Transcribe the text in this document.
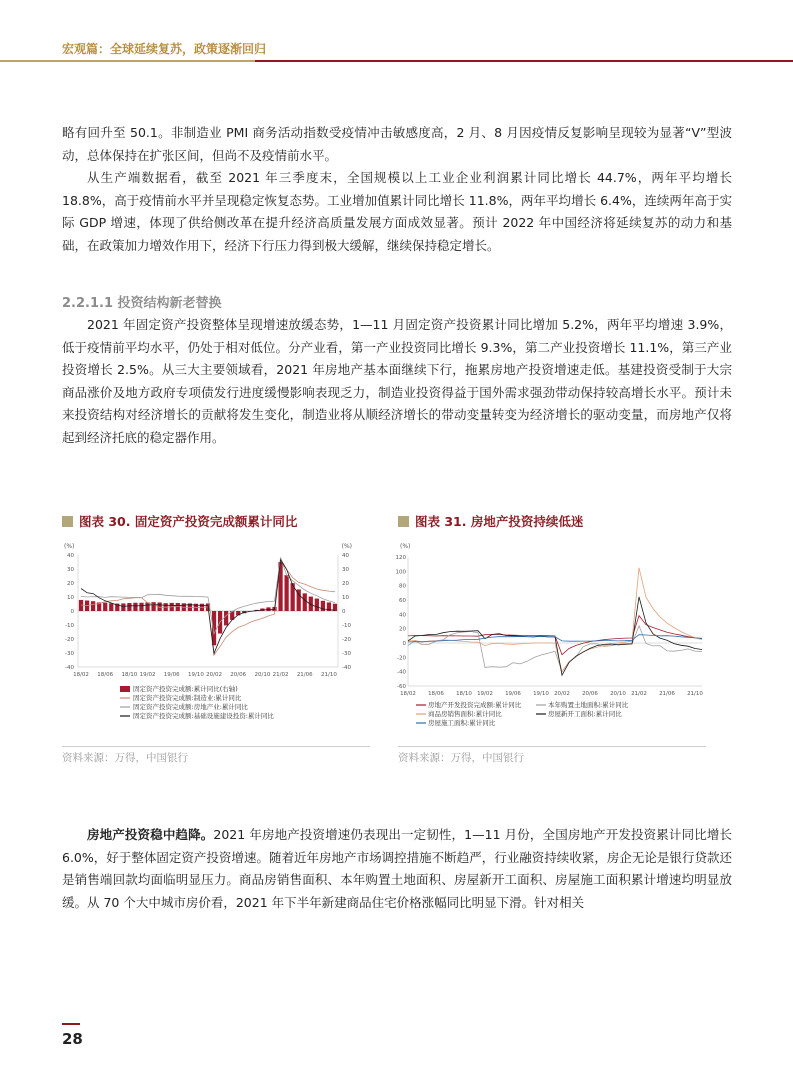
宏观篇：全球延续复苏，政策逐渐回归

略有回升至 50.1。非制造业 PMI 商务活动指数受疫情冲击敏感度高，2 月、8 月因疫情反复影响呈现较为显著“V”型波动，总体保持在扩张区间，但尚不及疫情前水平。

从生产端数据看，截至 2021 年三季度末，全国规模以上工业企业利润累计同比增长 44.7%，两年平均增长 18.8%，高于疫情前水平并呈现稳定恢复态势。工业增加值累计同比增长 11.8%，两年平均增长 6.4%，连续两年高于实际 GDP 增速，体现了供给侧改革在提升经济高质量发展方面成效显著。预计 2022 年中国经济将延续复苏的动力和基础，在政策加力增效作用下，经济下行压力得到极大缓解，继续保持稳定增长。

2.2.1.1 投资结构新老替换

2021 年固定资产投资整体呈现增速放缓态势，1—11 月固定资产投资累计同比增加 5.2%，两年平均增速 3.9%，低于疫情前平均水平，仍处于相对低位。分产业看，第一产业投资同比增长 9.3%，第二产业投资增长 11.1%，第三产业投资增长 2.5%。从三大主要领域看，2021 年房地产基本面继续下行，拖累房地产投资增速走低。基建投资受制于大宗商品涨价及地方政府专项债发行进度缓慢影响表现乏力，制造业投资得益于国外需求强劲带动保持较高增长水平。预计未来投资结构对经济增长的贡献将发生变化，制造业将从顺经济增长的带动变量转变为经济增长的驱动变量，而房地产仅将起到经济托底的稳定器作用。

图表 30. 固定资产投资完成额累计同比
(%)	(%)
40	40
30	30
20	20
10	10
0	0
-10	-10
-20	-20
-30	-30
-40	-40
18/02 18/06 18/10 19/02 19/06 19/10 20/02 20/06 20/10 21/02 21/06 21/10
固定资产投资完成额:累计同比(右轴)
固定资产投资完成额:制造业:累计同比
固定资产投资完成额:房地产业:累计同比
固定资产投资完成额:基础设施建设投资:累计同比
资料来源：万得，中国银行
图表 31. 房地产投资持续低迷
(%)
120
100
80
60
40
20
0
-20
-40
-60
18/02 18/06 18/10 19/02 19/06 19/10 20/02 20/06 20/10 21/02 21/06 21/10
房地产开发投资完成额:累计同比	本年购置土地面积:累计同比
商品房销售面积:累计同比	房屋新开工面积:累计同比
房屋施工面积:累计同比
资料来源：万得，中国银行

房地产投资稳中趋降。2021 年房地产投资增速仍表现出一定韧性，1—11 月份，全国房地产开发投资累计同比增长 6.0%，好于整体固定资产投资增速。随着近年房地产市场调控措施不断趋严，行业融资持续收紧，房企无论是银行贷款还是销售端回款均面临明显压力。商品房销售面积、本年购置土地面积、房屋新开工面积、房屋施工面积累计增速均明显放缓。从 70 个大中城市房价看，2021 年下半年新建商品住宅价格涨幅同比明显下滑。针对相关

28
